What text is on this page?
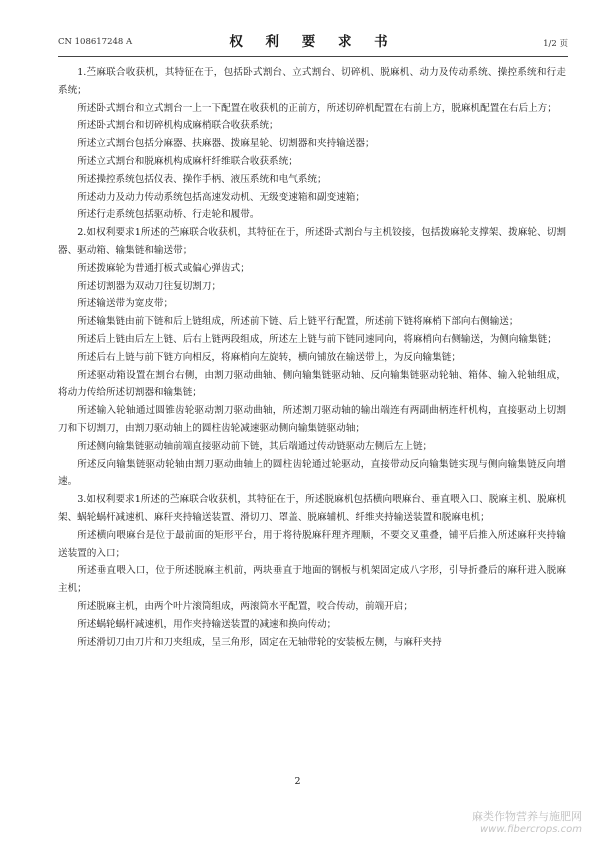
CN 108617248 A	权 利 要 求 书	1/2 页

1.苎麻联合收获机，其特征在于，包括卧式割台、立式割台、切碎机、脱麻机、动力及传动系统、操控系统和行走系统；

所述卧式割台和立式割台一上一下配置在收获机的正前方，所述切碎机配置在右前上方，脱麻机配置在右后上方；

所述卧式割台和切碎机构成麻梢联合收获系统；

所述立式割台包括分麻器、扶麻器、拨麻星轮、切割器和夹持输送器；

所述立式割台和脱麻机构成麻杆纤维联合收获系统；

所述操控系统包括仪表、操作手柄、液压系统和电气系统；

所述动力及动力传动系统包括高速发动机、无级变速箱和副变速箱；

所述行走系统包括驱动桥、行走轮和履带。

2.如权利要求1所述的苎麻联合收获机，其特征在于，所述卧式割台与主机铰接，包括拨麻轮支撑架、拨麻轮、切割器、驱动箱、输集链和输送带；

所述拨麻轮为普通打板式或偏心弹齿式；

所述切割器为双动刀往复切割刀；

所述输送带为宽皮带；

所述输集链由前下链和后上链组成，所述前下链、后上链平行配置，所述前下链将麻梢下部向右侧输送；

所述后上链由后左上链、后右上链两段组成，所述左上链与前下链同速同向，将麻梢向右侧输送，为侧向输集链；

所述后右上链与前下链方向相反，将麻梢向左旋转，横向铺放在输送带上，为反向输集链；

所述驱动箱设置在割台右侧，由割刀驱动曲轴、侧向输集链驱动轴、反向输集链驱动轮轴、箱体、输入轮轴组成，将动力传给所述切割器和输集链；

所述输入轮轴通过圆锥齿轮驱动割刀驱动曲轴，所述割刀驱动轴的输出端连有两副曲柄连杆机构，直接驱动上切割刀和下切割刀，由割刀驱动轴上的圆柱齿轮减速驱动侧向输集链驱动轴；

所述侧向输集链驱动轴前端直接驱动前下链，其后端通过传动链驱动左侧后左上链；

所述反向输集链驱动轮轴由割刀驱动曲轴上的圆柱齿轮通过轮驱动，直接带动反向输集链实现与侧向输集链反向增速。

3.如权利要求1所述的苎麻联合收获机，其特征在于，所述脱麻机包括横向喂麻台、垂直喂入口、脱麻主机、脱麻机架、蜗轮蜗杆减速机、麻秆夹持输送装置、滑切刀、罩盖、脱麻辅机、纤维夹持输送装置和脱麻电机；

所述横向喂麻台是位于最前面的矩形平台，用于将待脱麻秆理齐理顺，不要交叉重叠，铺平后推入所述麻秆夹持输送装置的入口；

所述垂直喂入口，位于所述脱麻主机前，两块垂直于地面的钢板与机架固定成八字形，引导折叠后的麻秆进入脱麻主机；

所述脱麻主机，由两个叶片滚筒组成，两滚筒水平配置，咬合传动，前端开启；

所述蜗轮蜗杆减速机，用作夹持输送装置的减速和换向传动；

所述滑切刀由刀片和刀夹组成，呈三角形，固定在无轴带轮的安装板左侧，与麻秆夹持

2
麻类作物营养与施肥网
www.fibercrops.com
